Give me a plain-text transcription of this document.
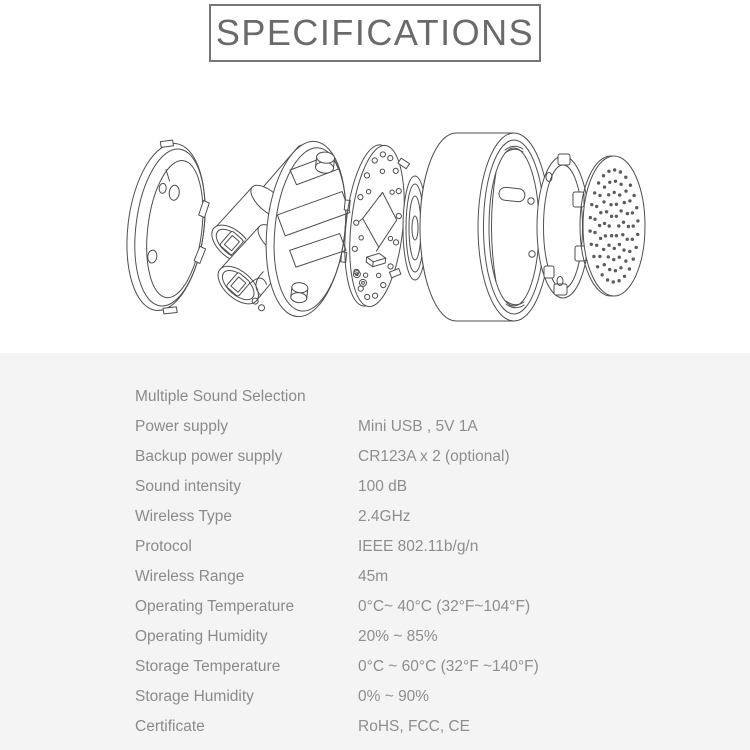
SPECIFICATIONS
Multiple Sound Selection
Power supply	Mini USB , 5V 1A
Backup power supply	CR123A x 2 (optional)
Sound intensity	100 dB
Wireless Type	2.4GHz
Protocol	IEEE 802.11b/g/n
Wireless Range	45m
Operating Temperature	0°C~ 40°C (32°F~104°F)
Operating Humidity	20% ~ 85%
Storage Temperature	0°C ~ 60°C (32°F ~140°F)
Storage Humidity	0% ~ 90%
Certificate	RoHS, FCC, CE
